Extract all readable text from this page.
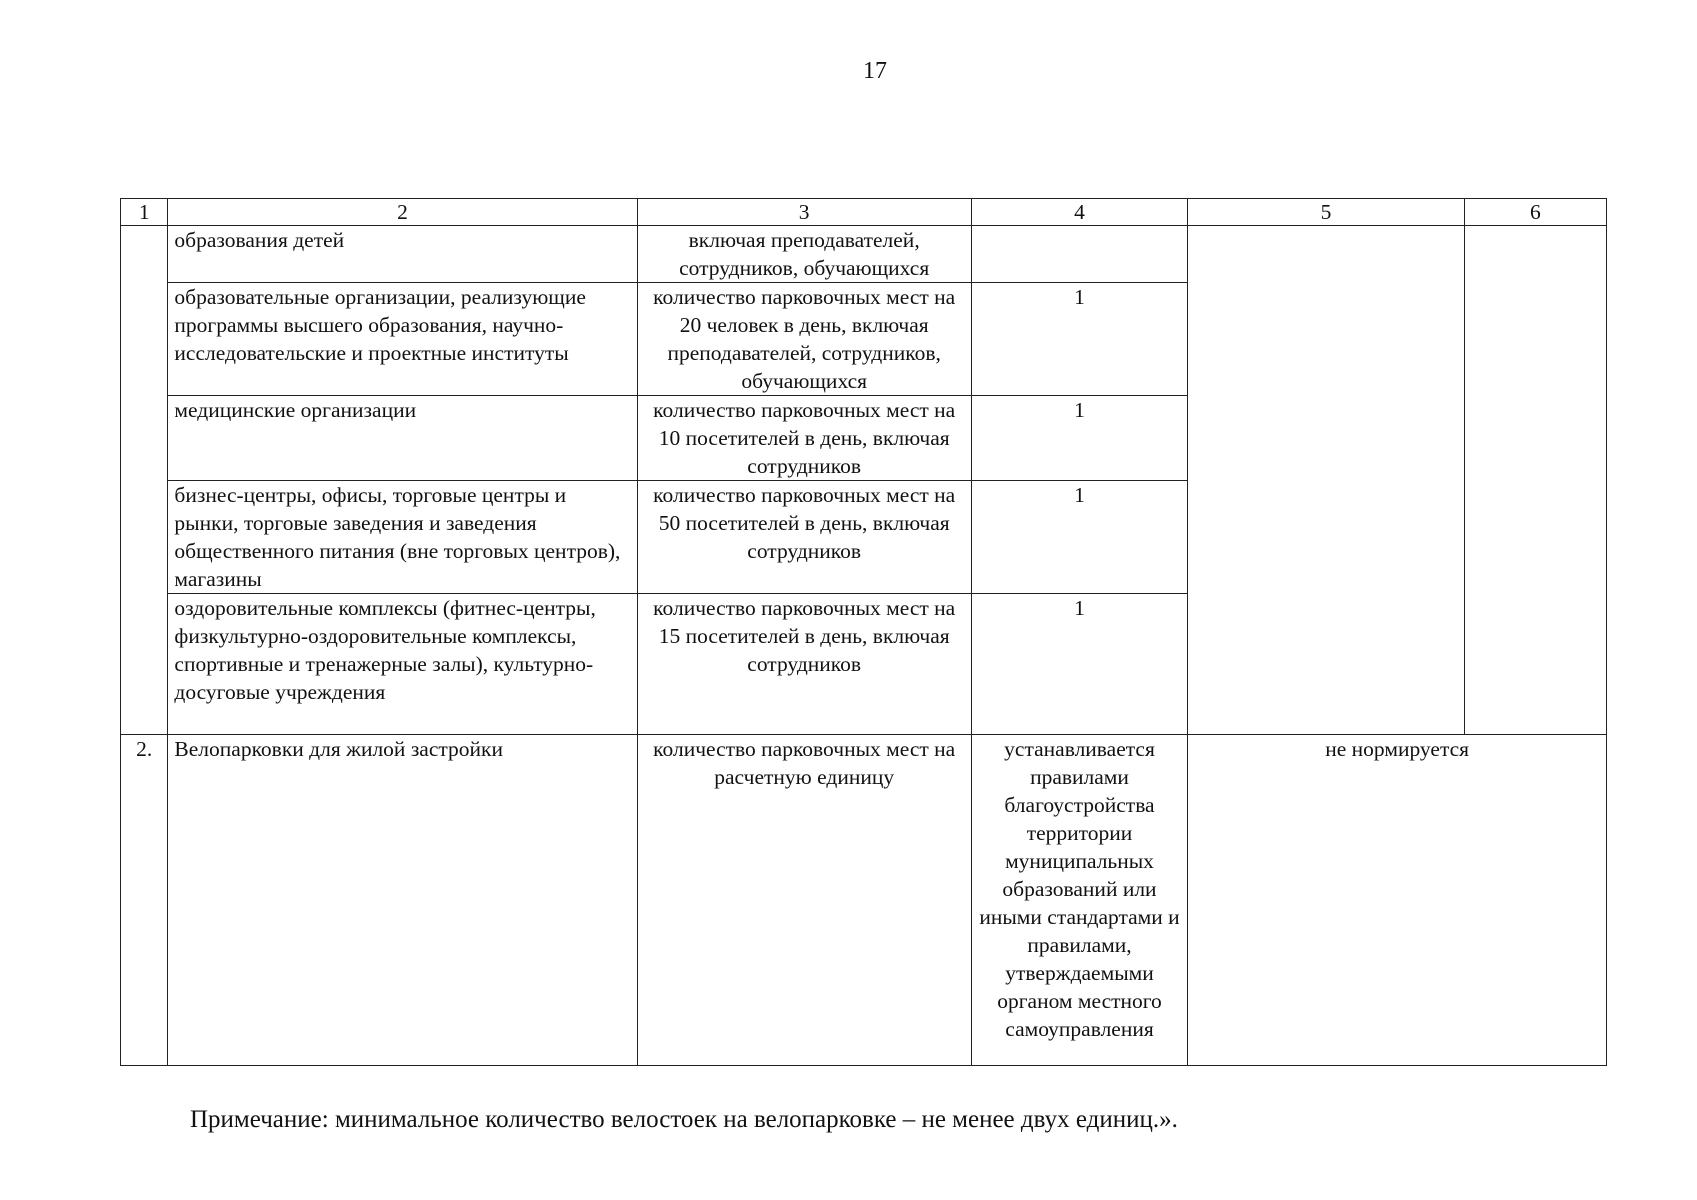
17
1	2	3	4	5	6
	образования детей	включая преподавателей, сотрудников, обучающихся			
	образовательные организации, реализующие программы высшего образования, научно-исследовательские и проектные институты	количество парковочных мест на 20 человек в день, включая преподавателей, сотрудников, обучающихся	1		
	медицинские организации	количество парковочных мест на 10 посетителей в день, включая сотрудников	1		
	бизнес-центры, офисы, торговые центры и рынки, торговые заведения и заведения общественного питания (вне торговых центров), магазины	количество парковочных мест на 50 посетителей в день, включая сотрудников	1		
	оздоровительные комплексы (фитнес-центры, физкультурно-оздоровительные комплексы, спортивные и тренажерные залы), культурно-досуговые учреждения	количество парковочных мест на 15 посетителей в день, включая сотрудников	1		
2.	Велопарковки для жилой застройки	количество парковочных мест на расчетную единицу	устанавливается правилами благоустройства территории муниципальных образований или иными стандартами и правилами, утверждаемыми органом местного самоуправления	не нормируется	
Примечание: минимальное количество велостоек на велопарковке – не менее двух единиц.».
